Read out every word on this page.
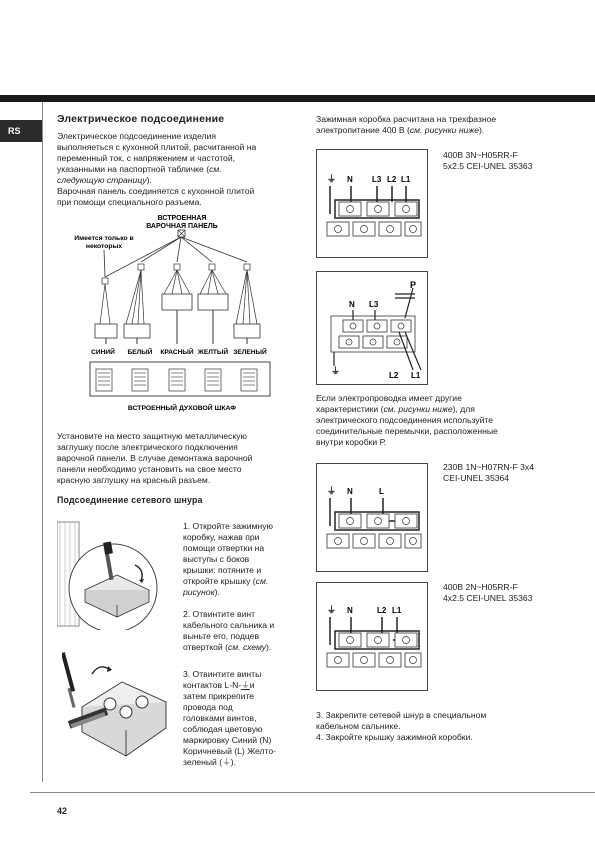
RS
42
Электрическое подсоединение
Электрическое подсоединение изделия
выполняеться с кухонной плитой, расчитанной на
переменный ток, с напряжением и частотой,
указанными на паспортной табличке (см.
следующую страницу).
Варочная панель соединяется с кухонной плитой
при помощи специального разъема.
ВСТРОЕННАЯ
ВАРОЧНАЯ ПАНЕЛЬ
Имеется только в
некоторых
СИНИЙ БЕЛЫЙ КРАСНЫЙ ЖЕЛТЫЙ ЗЕЛЕНЫЙ
ВСТРОЕННЫЙ ДУХОВОЙ ШКАФ
Установите на место защитную металлическую
заглушку после электрического подключения
варочной панели. В случае демонтажа варочной
панели необходимо установить на свое место
красную заглушку на красный разъем.
Подсоединение сетевого шнура
1. Откройте зажимную
коробку, нажав при
помощи отвертки на
выступы с боков
крышки: потяните и
откройте крышку (см.
рисунок).
2. Отвинтите винт
кабельного сальника и
выньте его, подцев
отверткой (см. схему).
3. Отвинтите винты
контактов L-N-⏚и
затем прикрепите
провода под
головками винтов,
соблюдая цветовую
маркировку Синий (N)
Коричневый (L) Желто-
зеленый (⏚).
Зажимная коробка расчитана на трехфазное
электропитание 400 В (см. рисунки ниже).
⏚ N L3 L2 L1
400В 3N~H05RR-F
5x2.5 CEI-UNEL 35363
P
N L3
⏚	L2 L1
Если электропроводка имеет другие
характеристики (см. рисунки ниже), для
электрического подсоединения используйте
соединительные перемычки, расположенные
внутри коробки Р.
⏚ N	L
230В 1N~H07RN-F 3x4
CEI-UNEL 35364
⏚ N	L2 L1
400В 2N~H05RR-F
4x2.5 CEI-UNEL 35363
3. Закрепите сетевой шнур в специальном
кабельном сальнике.
4. Закройте крышку зажимной коробки.
